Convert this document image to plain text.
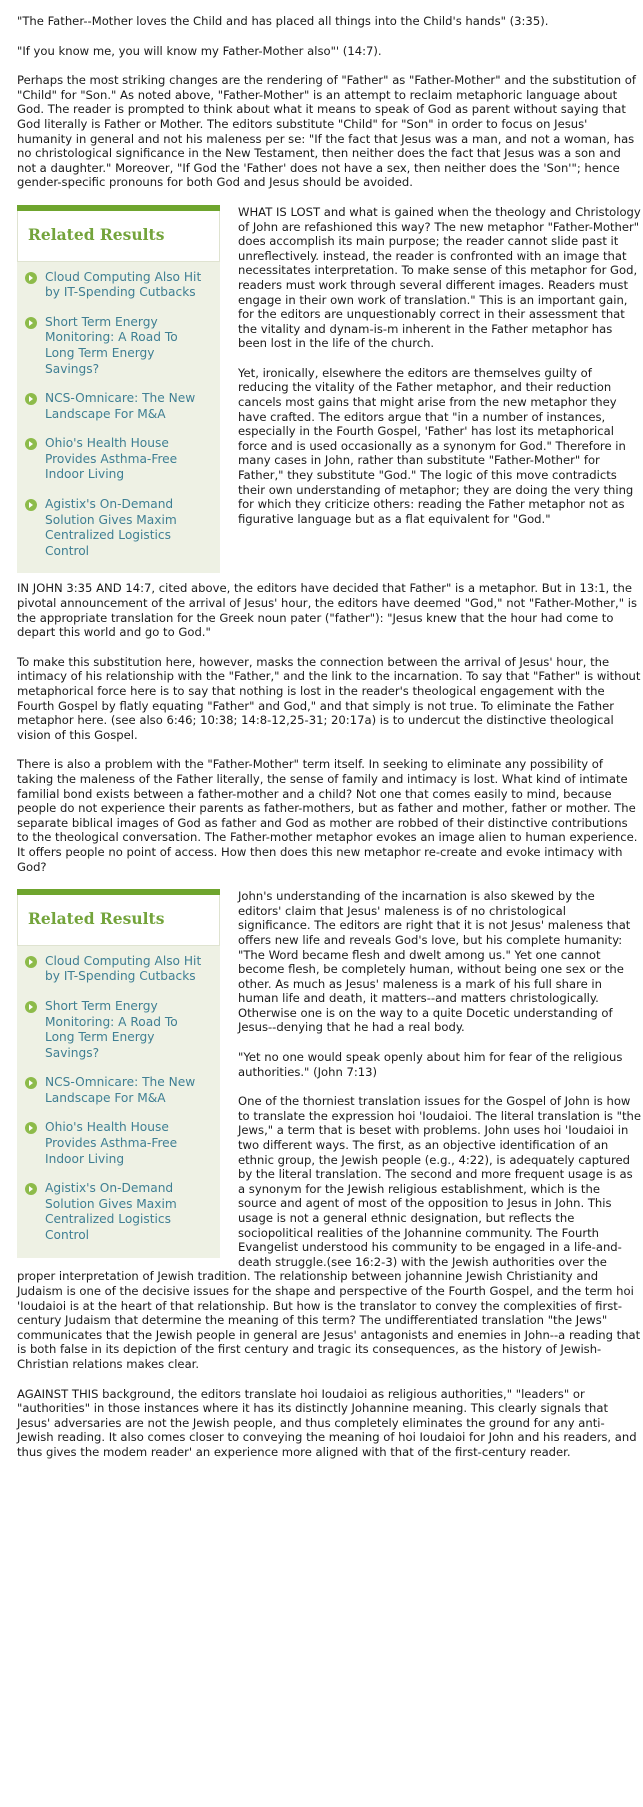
"The Father--Mother loves the Child and has placed all things into the Child's hands" (3:35).

"If you know me, you will know my Father-Mother also"' (14:7).

Perhaps the most striking changes are the rendering of "Father" as "Father-Mother" and the substitution of "Child" for "Son." As noted above, "Father-Mother" is an attempt to reclaim metaphoric language about God. The reader is prompted to think about what it means to speak of God as parent without saying that God literally is Father or Mother. The editors substitute "Child" for "Son" in order to focus on Jesus' humanity in general and not his maleness per se: "If the fact that Jesus was a man, and not a woman, has no christological significance in the New Testament, then neither does the fact that Jesus was a son and not a daughter." Moreover, "If God the 'Father' does not have a sex, then neither does the 'Son'"; hence gender-specific pronouns for both God and Jesus should be avoided.

Related Results
Cloud Computing Also Hit by IT-Spending Cutbacks
Short Term Energy Monitoring: A Road To Long Term Energy Savings?
NCS-Omnicare: The New Landscape For M&A
Ohio's Health House Provides Asthma-Free Indoor Living
Agistix's On-Demand Solution Gives Maxim Centralized Logistics Control

WHAT IS LOST and what is gained when the theology and Christology of John are refashioned this way? The new metaphor "Father-Mother" does accomplish its main purpose; the reader cannot slide past it unreflectively. instead, the reader is confronted with an image that necessitates interpretation. To make sense of this metaphor for God, readers must work through several different images. Readers must engage in their own work of translation." This is an important gain, for the editors are unquestionably correct in their assessment that the vitality and dynam-is-m inherent in the Father metaphor has been lost in the life of the church.

Yet, ironically, elsewhere the editors are themselves guilty of reducing the vitality of the Father metaphor, and their reduction cancels most gains that might arise from the new metaphor they have crafted. The editors argue that "in a number of instances, especially in the Fourth Gospel, 'Father' has lost its metaphorical force and is used occasionally as a synonym for God." Therefore in many cases in John, rather than substitute "Father-Mother" for Father," they substitute "God." The logic of this move contradicts their own understanding of metaphor; they are doing the very thing for which they criticize others: reading the Father metaphor not as figurative language but as a flat equivalent for "God."

IN JOHN 3:35 AND 14:7, cited above, the editors have decided that Father" is a metaphor. But in 13:1, the pivotal announcement of the arrival of Jesus' hour, the editors have deemed "God," not "Father-Mother," is the appropriate translation for the Greek noun pater ("father"): "Jesus knew that the hour had come to depart this world and go to God."

To make this substitution here, however, masks the connection between the arrival of Jesus' hour, the intimacy of his relationship with the "Father," and the link to the incarnation. To say that "Father" is without metaphorical force here is to say that nothing is lost in the reader's theological engagement with the Fourth Gospel by flatly equating "Father" and God," and that simply is not true. To eliminate the Father metaphor here. (see also 6:46; 10:38; 14:8-12,25-31; 20:17a) is to undercut the distinctive theological vision of this Gospel.

There is also a problem with the "Father-Mother" term itself. In seeking to eliminate any possibility of taking the maleness of the Father literally, the sense of family and intimacy is lost. What kind of intimate familial bond exists between a father-mother and a child? Not one that comes easily to mind, because people do not experience their parents as father-mothers, but as father and mother, father or mother. The separate biblical images of God as father and God as mother are robbed of their distinctive contributions to the theological conversation. The Father-mother metaphor evokes an image alien to human experience. It offers people no point of access. How then does this new metaphor re-create and evoke intimacy with God?

Related Results
Cloud Computing Also Hit by IT-Spending Cutbacks
Short Term Energy Monitoring: A Road To Long Term Energy Savings?
NCS-Omnicare: The New Landscape For M&A
Ohio's Health House Provides Asthma-Free Indoor Living
Agistix's On-Demand Solution Gives Maxim Centralized Logistics Control

John's understanding of the incarnation is also skewed by the editors' claim that Jesus' maleness is of no christological significance. The editors are right that it is not Jesus' maleness that offers new life and reveals God's love, but his complete humanity: "The Word became flesh and dwelt among us." Yet one cannot become flesh, be completely human, without being one sex or the other. As much as Jesus' maleness is a mark of his full share in human life and death, it matters--and matters christologically. Otherwise one is on the way to a quite Docetic understanding of Jesus--denying that he had a real body.

"Yet no one would speak openly about him for fear of the religious authorities." (John 7:13)

One of the thorniest translation issues for the Gospel of John is how to translate the expression hoi 'Ioudaioi. The literal translation is "the Jews," a term that is beset with problems. John uses hoi 'Ioudaioi in two different ways. The first, as an objective identification of an ethnic group, the Jewish people (e.g., 4:22), is adequately captured by the literal translation. The second and more frequent usage is as a synonym for the Jewish religious establishment, which is the source and agent of most of the opposition to Jesus in John. This usage is not a general ethnic designation, but reflects the sociopolitical realities of the Johannine community. The Fourth Evangelist understood his community to be engaged in a life-and-death struggle.(see 16:2-3) with the Jewish authorities over the proper interpretation of Jewish tradition. The relationship between johannine Jewish Christianity and Judaism is one of the decisive issues for the shape and perspective of the Fourth Gospel, and the term hoi 'Ioudaioi is at the heart of that relationship. But how is the translator to convey the complexities of first-century Judaism that determine the meaning of this term? The undifferentiated translation "the Jews" communicates that the Jewish people in general are Jesus' antagonists and enemies in John--a reading that is both false in its depiction of the first century and tragic its consequences, as the history of Jewish-Christian relations makes clear.

AGAINST THIS background, the editors translate hoi Ioudaioi as religious authorities," "leaders" or "authorities" in those instances where it has its distinctly Johannine meaning. This clearly signals that Jesus' adversaries are not the Jewish people, and thus completely eliminates the ground for any anti-Jewish reading. It also comes closer to conveying the meaning of hoi Ioudaioi for John and his readers, and thus gives the modem reader' an experience more aligned with that of the first-century reader.
